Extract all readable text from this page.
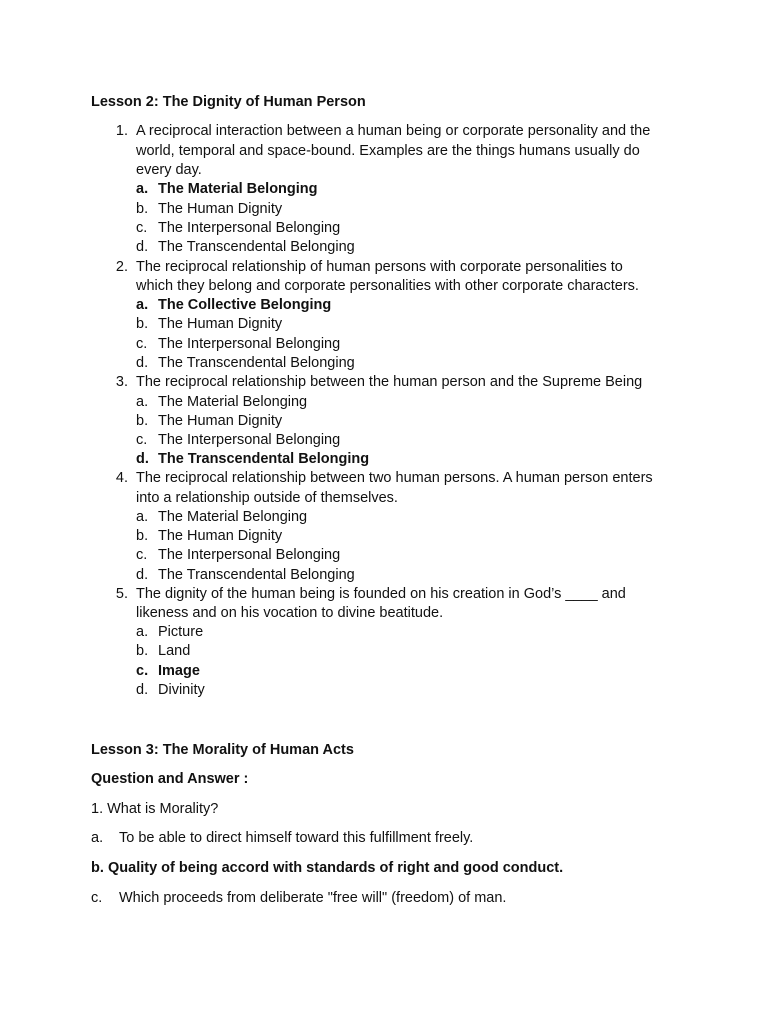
Lesson 2: The Dignity of Human Person
1. A reciprocal interaction between a human being or corporate personality and the
world, temporal and space-bound. Examples are the things humans usually do
every day.
a. The Material Belonging
b. The Human Dignity
c. The Interpersonal Belonging
d. The Transcendental Belonging
2. The reciprocal relationship of human persons with corporate personalities to
which they belong and corporate personalities with other corporate characters.
a. The Collective Belonging
b. The Human Dignity
c. The Interpersonal Belonging
d. The Transcendental Belonging
3. The reciprocal relationship between the human person and the Supreme Being
a. The Material Belonging
b. The Human Dignity
c. The Interpersonal Belonging
d. The Transcendental Belonging
4. The reciprocal relationship between two human persons. A human person enters
into a relationship outside of themselves.
a. The Material Belonging
b. The Human Dignity
c. The Interpersonal Belonging
d. The Transcendental Belonging
5. The dignity of the human being is founded on his creation in God’s ____ and
likeness and on his vocation to divine beatitude.
a. Picture
b. Land
c. Image
d. Divinity
Lesson 3: The Morality of Human Acts
Question and Answer :
1. What is Morality?
a. To be able to direct himself toward this fulfillment freely.
b. Quality of being accord with standards of right and good conduct.
c. Which proceeds from deliberate "free will" (freedom) of man.
